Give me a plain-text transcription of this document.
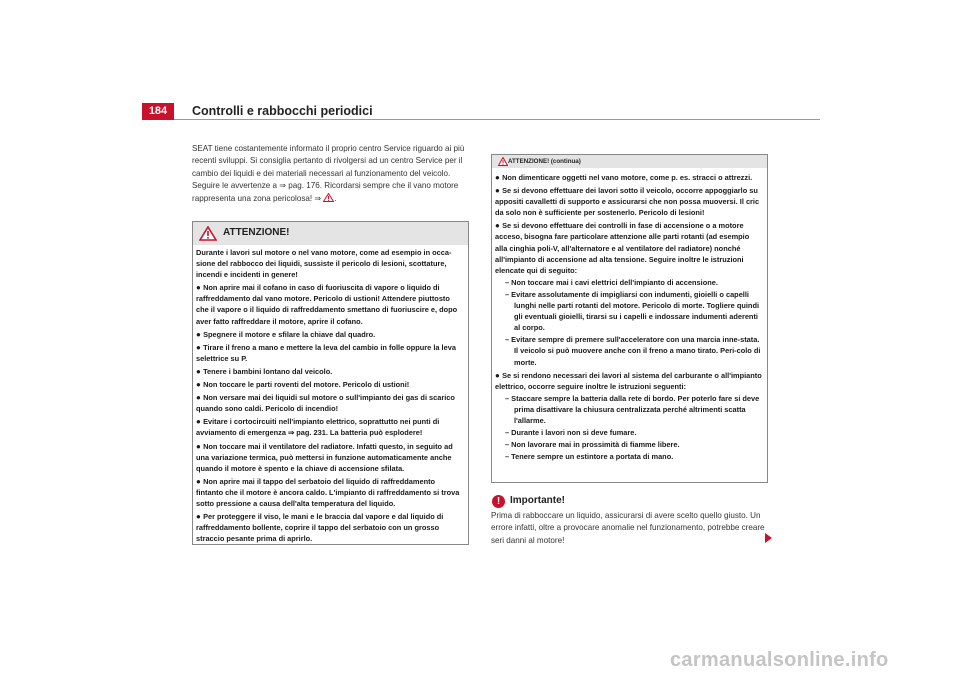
184	Controlli e rabbocchi periodici
SEAT tiene costantemente informato il proprio centro Service riguardo ai più recenti sviluppi. Si consiglia pertanto di rivolgersi ad un centro Service per il cambio dei liquidi e dei materiali necessari al funzionamento del veicolo. Seguire le avvertenze a ⇒ pag. 176. Ricordarsi sempre che il vano motore rappresenta una zona pericolosa! ⇒ .
ATTENZIONE!

Durante i lavori sul motore o nel vano motore, come ad esempio in occa-sione del rabbocco dei liquidi, sussiste il pericolo di lesioni, scottature, incendi e incidenti in genere!

● Non aprire mai il cofano in caso di fuoriuscita di vapore o liquido di raffreddamento dal vano motore. Pericolo di ustioni! Attendere piuttosto che il vapore o il liquido di raffreddamento smettano di fuoriuscire e, dopo aver fatto raffreddare il motore, aprire il cofano.

● Spegnere il motore e sfilare la chiave dal quadro.

● Tirare il freno a mano e mettere la leva del cambio in folle oppure la leva selettrice su P.

● Tenere i bambini lontano dal veicolo.

● Non toccare le parti roventi del motore. Pericolo di ustioni!

● Non versare mai dei liquidi sul motore o sull'impianto dei gas di scarico quando sono caldi. Pericolo di incendio!

● Evitare i cortocircuiti nell'impianto elettrico, soprattutto nei punti di avviamento di emergenza ⇒ pag. 231. La batteria può esplodere!

● Non toccare mai il ventilatore del radiatore. Infatti questo, in seguito ad una variazione termica, può mettersi in funzione automaticamente anche quando il motore è spento e la chiave di accensione sfilata.

● Non aprire mai il tappo del serbatoio del liquido di raffreddamento fintanto che il motore è ancora caldo. L'impianto di raffreddamento si trova sotto pressione a causa dell'alta temperatura del liquido.

● Per proteggere il viso, le mani e le braccia dal vapore e dal liquido di raffreddamento bollente, coprire il tappo del serbatoio con un grosso straccio pesante prima di aprirlo.

ATTENZIONE! (continua)

● Non dimenticare oggetti nel vano motore, come p. es. stracci o attrezzi.

● Se si devono effettuare dei lavori sotto il veicolo, occorre appoggiarlo su appositi cavalletti di supporto e assicurarsi che non possa muoversi. Il cric da solo non è sufficiente per sostenerlo. Pericolo di lesioni!

● Se si devono effettuare dei controlli in fase di accensione o a motore acceso, bisogna fare particolare attenzione alle parti rotanti (ad esempio alla cinghia poli-V, all'alternatore e al ventilatore del radiatore) nonché all'impianto di accensione ad alta tensione. Seguire inoltre le istruzioni elencate qui di seguito:

– Non toccare mai i cavi elettrici dell'impianto di accensione.

– Evitare assolutamente di impigliarsi con indumenti, gioielli o capelli lunghi nelle parti rotanti del motore. Pericolo di morte. Togliere quindi gli eventuali gioielli, tirarsi su i capelli e indossare indumenti aderenti al corpo.

– Evitare sempre di premere sull'acceleratore con una marcia inne-stata. Il veicolo si può muovere anche con il freno a mano tirato. Peri-colo di morte.

● Se si rendono necessari dei lavori al sistema del carburante o all'impianto elettrico, occorre seguire inoltre le istruzioni seguenti:

– Staccare sempre la batteria dalla rete di bordo. Per poterlo fare si deve prima disattivare la chiusura centralizzata perché altrimenti scatta l'allarme.

– Durante i lavori non si deve fumare.

– Non lavorare mai in prossimità di fiamme libere.

– Tenere sempre un estintore a portata di mano.

! Importante!
Prima di rabboccare un liquido, assicurarsi di avere scelto quello giusto. Un errore infatti, oltre a provocare anomalie nel funzionamento, potrebbe creare seri danni al motore!
carmanualsonline.info
